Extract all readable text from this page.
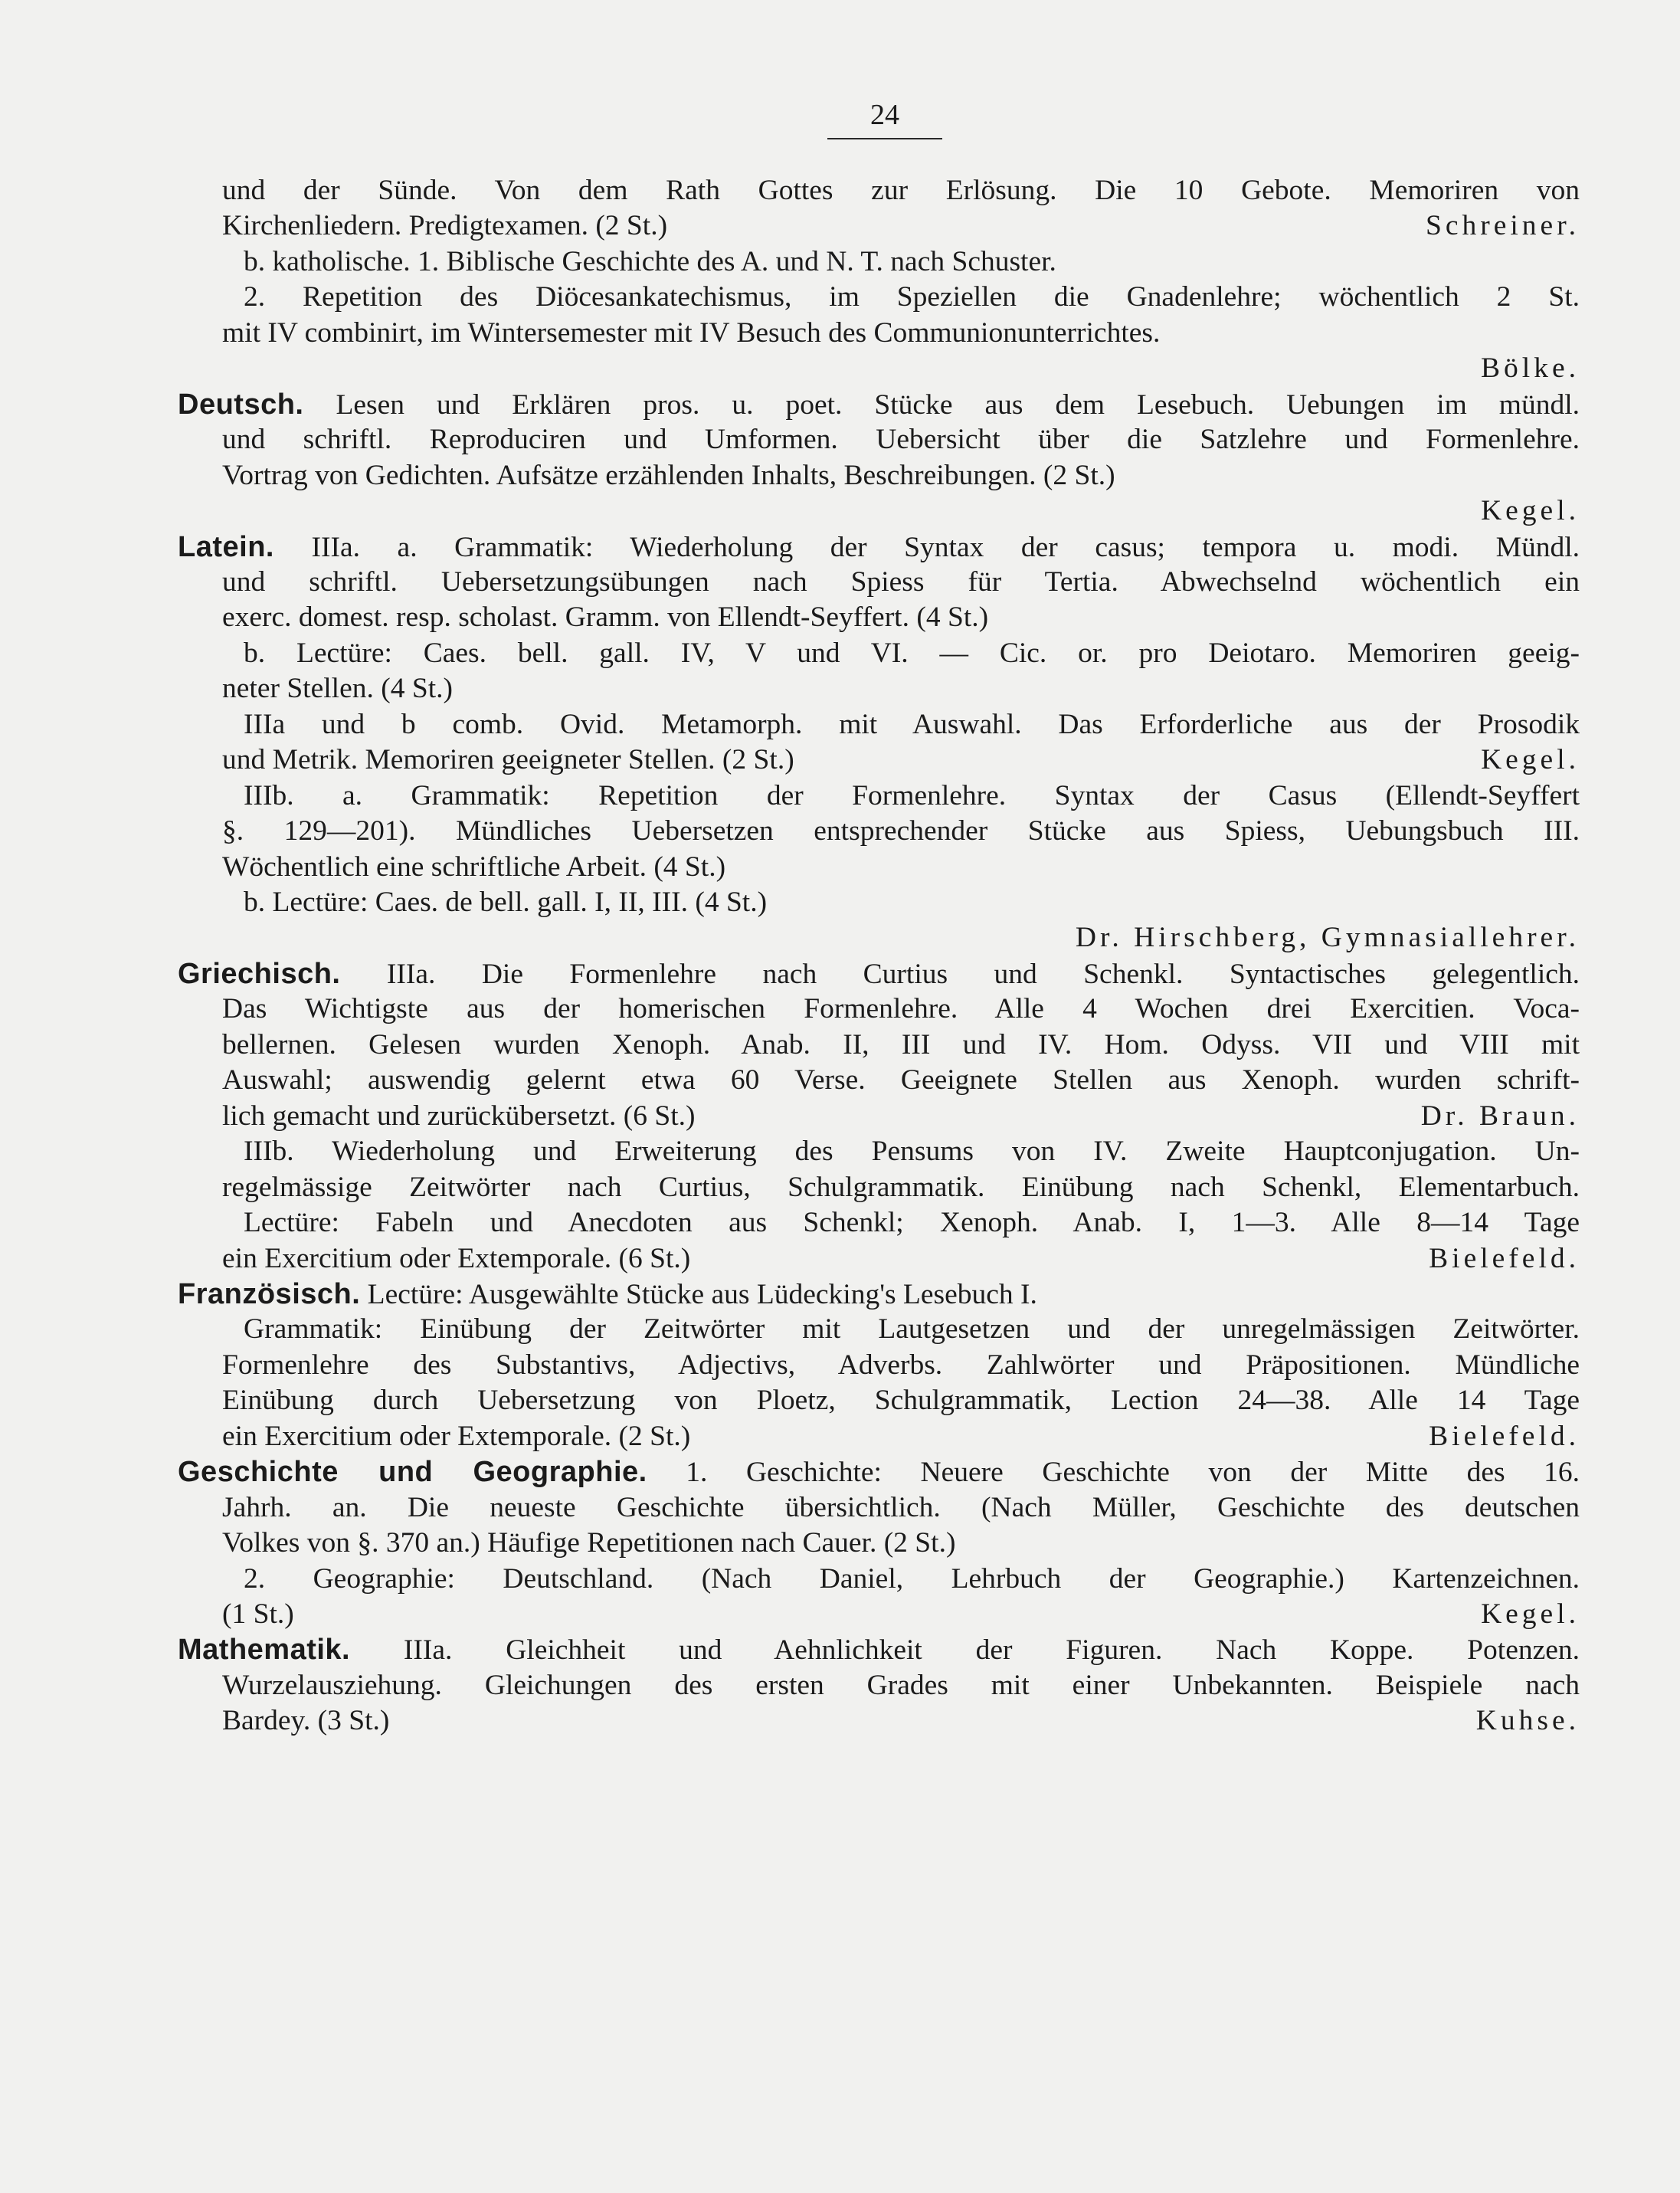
24
und der Sünde. Von dem Rath Gottes zur Erlösung. Die 10 Gebote. Memoriren von
Kirchenliedern. Predigtexamen. (2 St.)	Schreiner.
b. katholische. 1. Biblische Geschichte des A. und N. T. nach Schuster.
2. Repetition des Diöcesankatechismus, im Speziellen die Gnadenlehre; wöchentlich 2 St.
mit IV combinirt, im Wintersemester mit IV Besuch des Communionunterrichtes.
Bölke.
Deutsch. Lesen und Erklären pros. u. poet. Stücke aus dem Lesebuch. Uebungen im mündl.
und schriftl. Reproduciren und Umformen. Uebersicht über die Satzlehre und Formenlehre.
Vortrag von Gedichten. Aufsätze erzählenden Inhalts, Beschreibungen. (2 St.)
Kegel.
Latein. IIIa. a. Grammatik: Wiederholung der Syntax der casus; tempora u. modi. Mündl.
und schriftl. Uebersetzungsübungen nach Spiess für Tertia. Abwechselnd wöchentlich ein
exerc. domest. resp. scholast. Gramm. von Ellendt-Seyffert. (4 St.)
b. Lectüre: Caes. bell. gall. IV, V und VI. — Cic. or. pro Deiotaro. Memoriren geeig-
neter Stellen. (4 St.)
IIIa und b comb. Ovid. Metamorph. mit Auswahl. Das Erforderliche aus der Prosodik
und Metrik. Memoriren geeigneter Stellen. (2 St.)	Kegel.
IIIb. a. Grammatik: Repetition der Formenlehre. Syntax der Casus (Ellendt-Seyffert
§. 129—201). Mündliches Uebersetzen entsprechender Stücke aus Spiess, Uebungsbuch III.
Wöchentlich eine schriftliche Arbeit. (4 St.)
b. Lectüre: Caes. de bell. gall. I, II, III. (4 St.)
Dr. Hirschberg, Gymnasiallehrer.
Griechisch. IIIa. Die Formenlehre nach Curtius und Schenkl. Syntactisches gelegentlich.
Das Wichtigste aus der homerischen Formenlehre. Alle 4 Wochen drei Exercitien. Voca-
bellernen. Gelesen wurden Xenoph. Anab. II, III und IV. Hom. Odyss. VII und VIII mit
Auswahl; auswendig gelernt etwa 60 Verse. Geeignete Stellen aus Xenoph. wurden schrift-
lich gemacht und zurückübersetzt. (6 St.)	Dr. Braun.
IIIb. Wiederholung und Erweiterung des Pensums von IV. Zweite Hauptconjugation. Un-
regelmässige Zeitwörter nach Curtius, Schulgrammatik. Einübung nach Schenkl, Elementarbuch.
Lectüre: Fabeln und Anecdoten aus Schenkl; Xenoph. Anab. I, 1—3. Alle 8—14 Tage
ein Exercitium oder Extemporale. (6 St.)	Bielefeld.
Französisch. Lectüre: Ausgewählte Stücke aus Lüdecking's Lesebuch I.
Grammatik: Einübung der Zeitwörter mit Lautgesetzen und der unregelmässigen Zeitwörter.
Formenlehre des Substantivs, Adjectivs, Adverbs. Zahlwörter und Präpositionen. Mündliche
Einübung durch Uebersetzung von Ploetz, Schulgrammatik, Lection 24—38. Alle 14 Tage
ein Exercitium oder Extemporale. (2 St.)	Bielefeld.
Geschichte und Geographie. 1. Geschichte: Neuere Geschichte von der Mitte des 16.
Jahrh. an. Die neueste Geschichte übersichtlich. (Nach Müller, Geschichte des deutschen
Volkes von §. 370 an.) Häufige Repetitionen nach Cauer. (2 St.)
2. Geographie: Deutschland. (Nach Daniel, Lehrbuch der Geographie.) Kartenzeichnen.
(1 St.)	Kegel.
Mathematik. IIIa. Gleichheit und Aehnlichkeit der Figuren. Nach Koppe. Potenzen.
Wurzelausziehung. Gleichungen des ersten Grades mit einer Unbekannten. Beispiele nach
Bardey. (3 St.)	Kuhse.
